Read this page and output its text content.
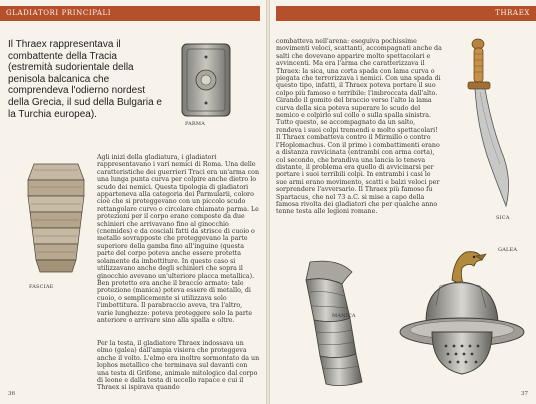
GLADIATORI PRINCIPALI

Il Thraex rappresentava il combattente della Tracia (estremità sudorientale della penisola balcanica che comprendeva l'odierno nordest della Grecia, il sud della Bulgaria e la Turchia europea).

PARMA

Agli inizi della gladiatura, i gladiatori rappresentavano i vari nemici di Roma. Una delle caratteristiche dei guerrieri Traci era un'arma con una lunga punta curva per colpire anche dietro lo scudo dei nemici. Questa tipologia di gladiatori apparteneva alla categoria dei Parmularii, coloro cioè che si proteggevano con un piccolo scudo rettangolare curvo o circolare chiamato parma. Le protezioni per il corpo erano composte da due schinieri che arrivavano fino al ginocchio (cnemides) e da cosciali fatti da strisce di cuoio o metallo sovrapposte che proteggevano la parte superiore della gamba fino all'inguine (questa parte del corpo poteva anche essere protetta solamente da imbottiture. In questo caso si utilizzavano anche degli schinieri che sopra il ginocchio avevano un'ulteriore placca metallica). Ben protetto era anche il braccio armato: tale protezione (manica) poteva essere di metallo, di cuoio, o semplicemente si utilizzava solo l'imbottitura. Il parabraccio aveva, tra l'altro, varie lunghezze: poteva proteggere solo la parte anteriore o arrivare sino alla spalla e oltre.

FASCIAE

Per la testa, il gladiatore Thraex indossava un elmo (galea) dall'ampia visiera che proteggeva anche il volto. L'elmo era inoltre sormontato da un lophos metallico che terminava sul davanti con una testa di Grifone, animale mitologico dal corpo di leone e dalla testa di uccello rapace e cui il Thraex si ispirava quando

36
THRAEX

combatteva nell'arena: eseguiva pochissime movimenti veloci, scattanti, accompagnati anche da salti che dovevano apparire molto spettacolari e avvincenti. Ma era l'arma che caratterizzava il Thraex: la sica, una corta spada con lama curva o piegata che terrorizzava i nemici. Con una spada di questo tipo, infatti, il Thraex poteva portare il suo colpo più famoso e terribile: l'imbroccata dall'alto. Girando il gomito del braccio verso l'alto la lama curva della sica poteva superare lo scudo del nemico e colpirlo sul collo o sulla spalla sinistra. Tutto questo, se accompagnato da un salto, rendeva i suoi colpi tremendi e molto spettacolari! Il Thraex combatteva contro il Mirmillo o contro l'Hoplomachus. Con il primo i combattimenti erano a distanza ravvicinata (entrambi con arma corta), col secondo, che brandiva una lancia lo teneva distante, il problema era quello di avvicinarsi per portare i suoi terribili colpi. In entrambi i casi le sue armi erano movimento, scatti e balzi veloci per sorprendere l'avversario. Il Thraex più famoso fu Spartacus, che nel 73 a.C. si mise a capo della famosa rivolta dei gladiatori che per qualche anno tenne testa alle legioni romane.

SICA
MANICA
GALEA
37
